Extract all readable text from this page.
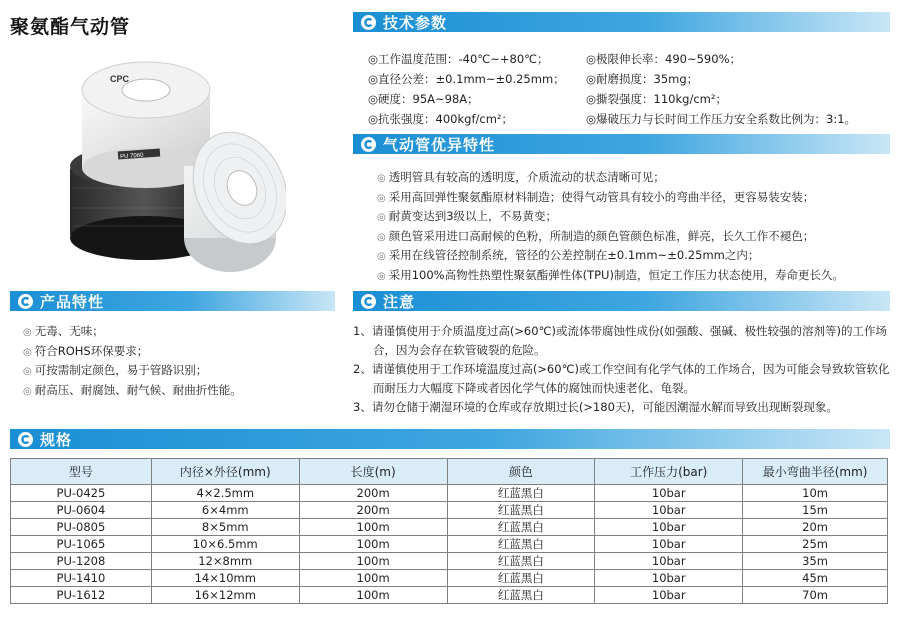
聚氨酯气动管
CPC
PU 7060
技术参数
◎工作温度范围：-40℃~+80℃；	◎极限伸长率：490~590%；
◎直径公差：±0.1mm~±0.25mm；	◎耐磨损度：35mg；
◎硬度：95A~98A；	◎撕裂强度：110kg/cm²；
◎抗张强度：400kgf/cm²；	◎爆破压力与长时间工作压力安全系数比例为：3:1。
气动管优异特性
◎ 透明管具有较高的透明度，介质流动的状态清晰可见；
◎ 采用高回弹性聚氨酯原材料制造；使得气动管具有较小的弯曲半径，更容易装安装；
◎ 耐黄变达到3级以上，不易黄变；
◎ 颜色管采用进口高耐候的色粉，所制造的颜色管颜色标准，鲜亮，长久工作不褪色；
◎ 采用在线管径控制系统，管径的公差控制在±0.1mm~±0.25mm之内；
◎ 采用100%高物性热塑性聚氨酯弹性体(TPU)制造，恒定工作压力状态使用，寿命更长久。
产品特性
◎ 无毒、无味；
◎ 符合ROHS环保要求；
◎ 可按需制定颜色，易于管路识别；
◎ 耐高压、耐腐蚀、耐气候、耐曲折性能。
注意

1、请谨慎使用于介质温度过高(>60℃)或流体带腐蚀性成份(如强酸、强碱、极性较强的溶剂等)的工作场合，因为会存在软管破裂的危险。

2、请谨慎使用于工作环境温度过高(>60℃)或工作空间有化学气体的工作场合，因为可能会导致软管软化而耐压力大幅度下降或者因化学气体的腐蚀而快速老化、龟裂。

3、请勿仓储于潮湿环境的仓库或存放期过长(>180天)，可能因潮湿水解而导致出现断裂现象。

规格
型号	内径×外径(mm)	长度(m)	颜色	工作压力(bar)	最小弯曲半径(mm)
PU-0425	4×2.5mm	200m	红蓝黑白	10bar	10m
PU-0604	6×4mm	200m	红蓝黑白	10bar	15m
PU-0805	8×5mm	100m	红蓝黑白	10bar	20m
PU-1065	10×6.5mm	100m	红蓝黑白	10bar	25m
PU-1208	12×8mm	100m	红蓝黑白	10bar	35m
PU-1410	14×10mm	100m	红蓝黑白	10bar	45m
PU-1612	16×12mm	100m	红蓝黑白	10bar	70m
